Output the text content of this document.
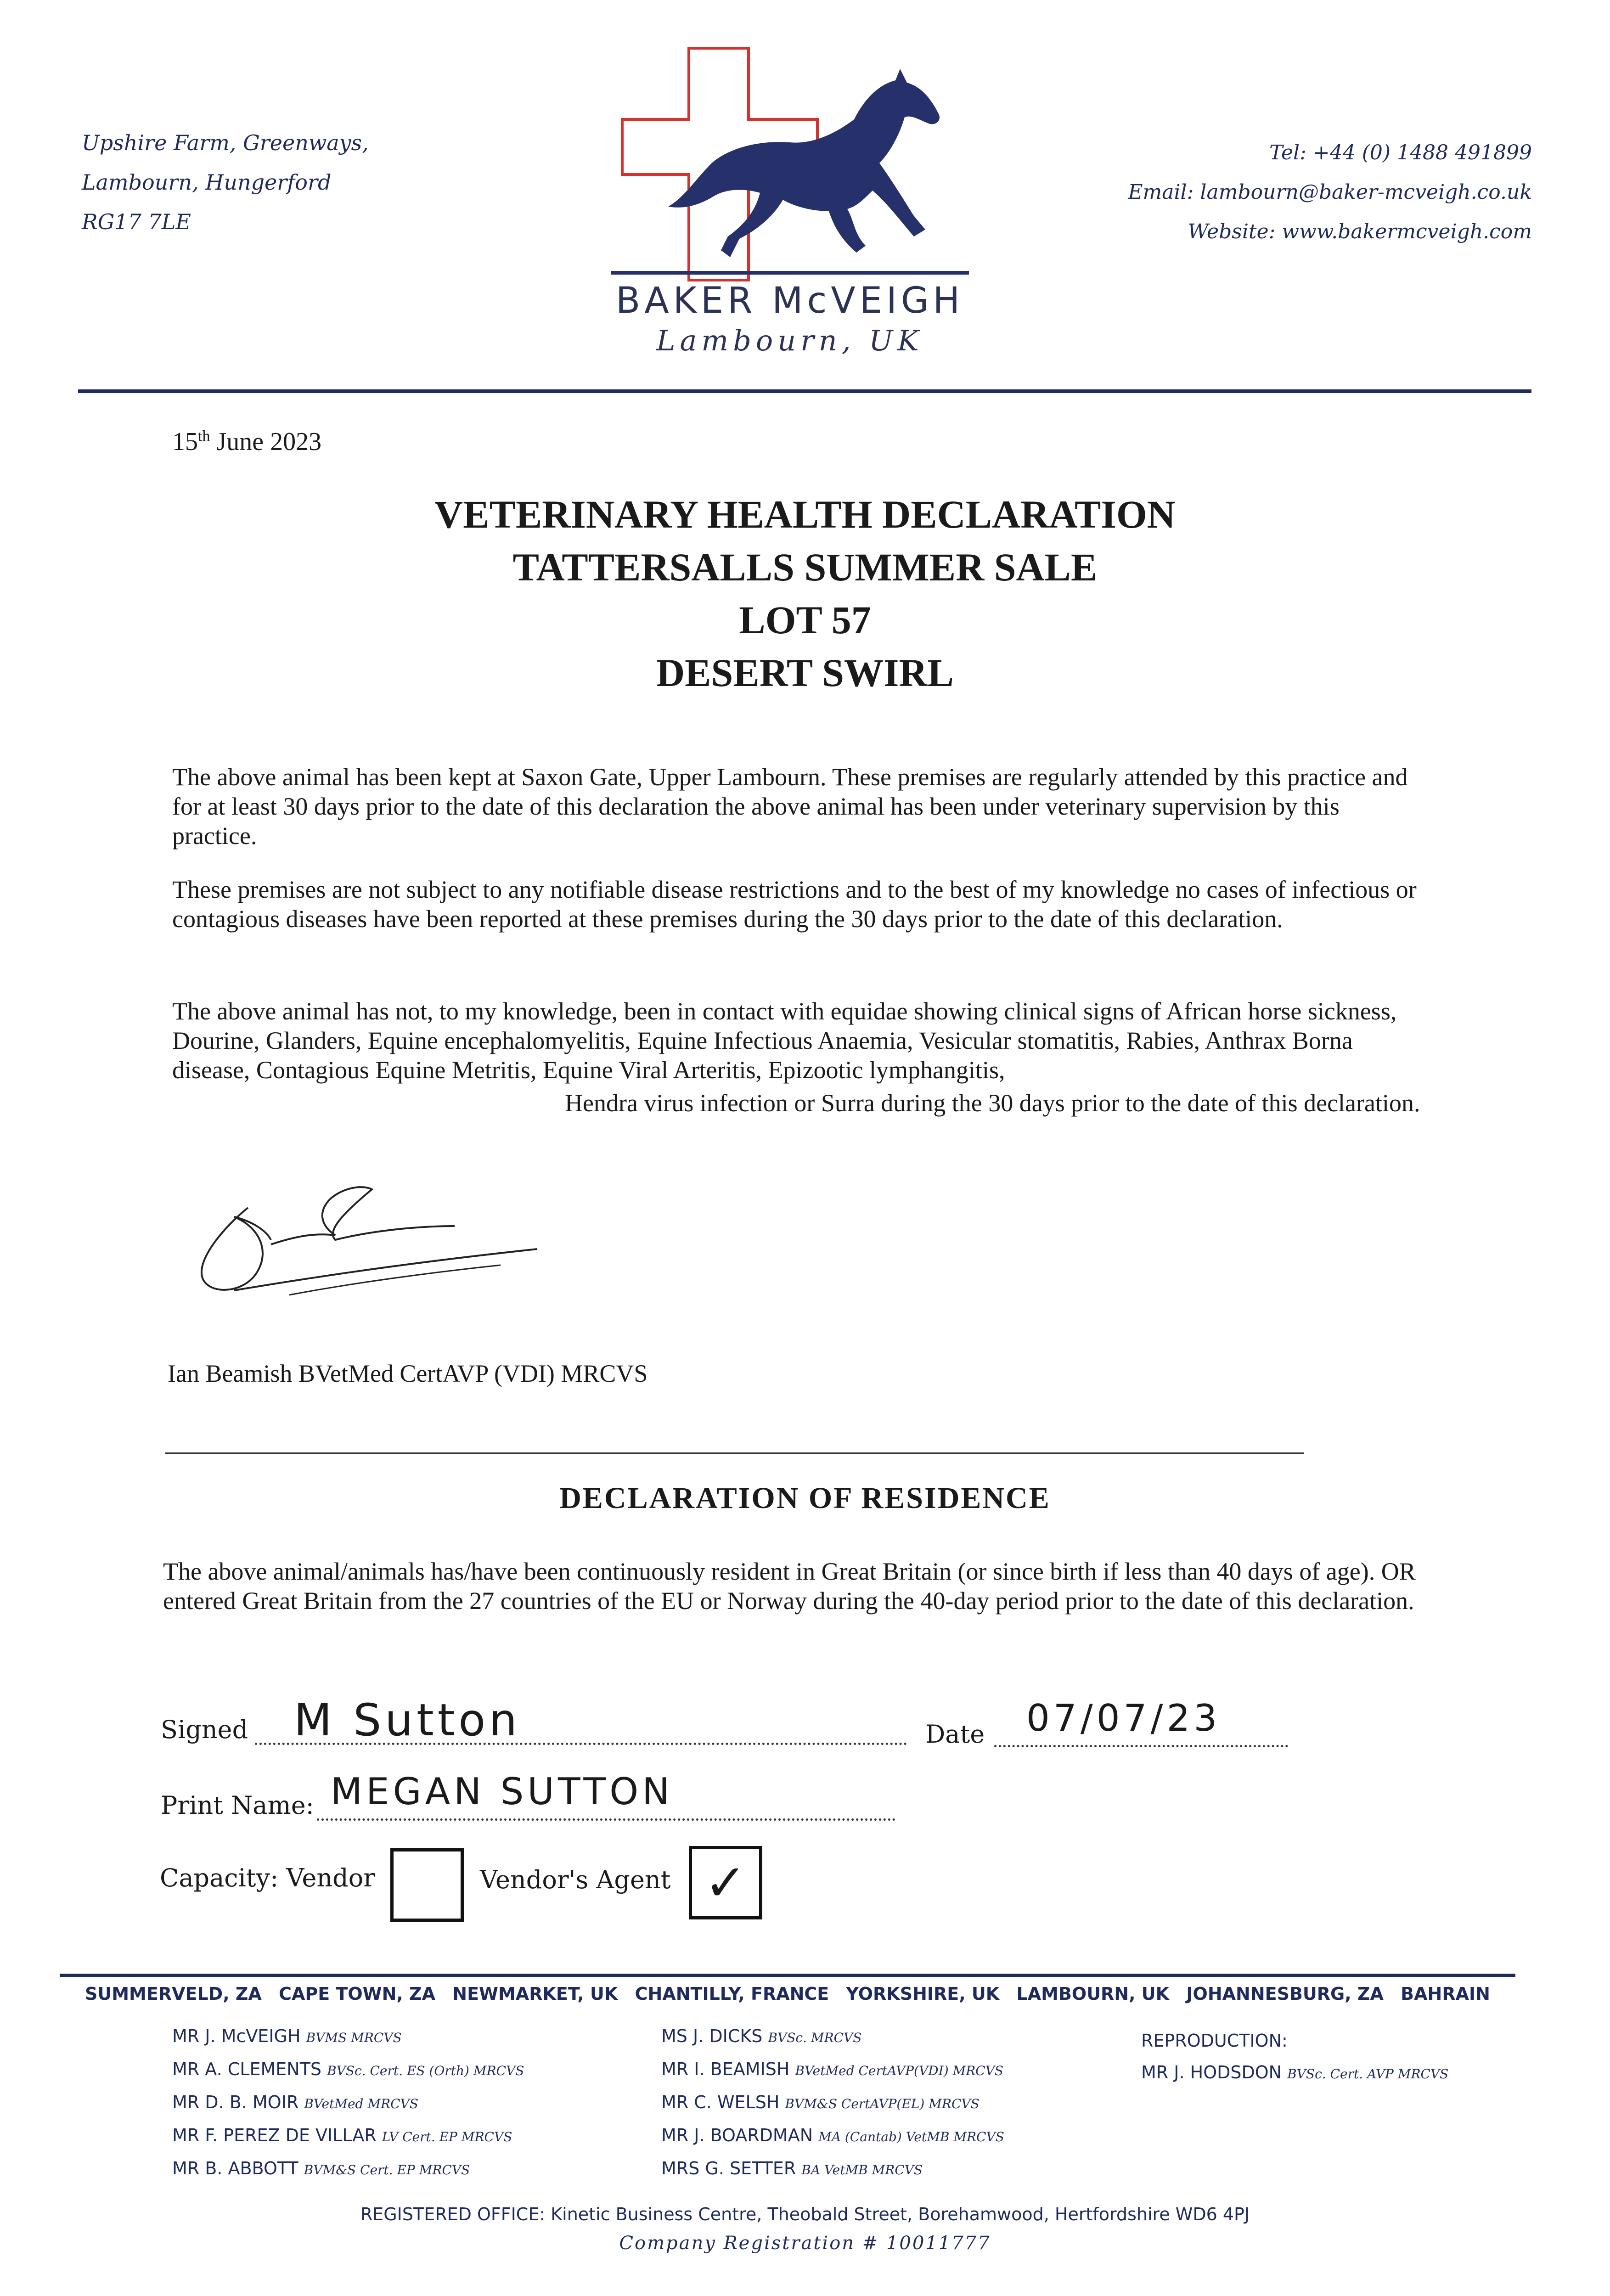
Upshire Farm, Greenways,
Lambourn, Hungerford
RG17 7LE
BAKER McVEIGH
Lambourn, UK
Tel: +44 (0) 1488 491899
Email: lambourn@baker-mcveigh.co.uk
Website: www.bakermcveigh.com
15th June 2023
VETERINARY HEALTH DECLARATION
TATTERSALLS SUMMER SALE
LOT 57
DESERT SWIRL
The above animal has been kept at Saxon Gate, Upper Lambourn. These premises are regularly attended by this practice and for at least 30 days prior to the date of this declaration the above animal has been under veterinary supervision by this practice.
These premises are not subject to any notifiable disease restrictions and to the best of my knowledge no cases of infectious or contagious diseases have been reported at these premises during the 30 days prior to the date of this declaration.
The above animal has not, to my knowledge, been in contact with equidae showing clinical signs of African horse sickness, Dourine, Glanders, Equine encephalomyelitis, Equine Infectious Anaemia, Vesicular stomatitis, Rabies, Anthrax Borna disease, Contagious Equine Metritis, Equine Viral Arteritis, Epizootic lymphangitis,
Hendra virus infection or Surra during the 30 days prior to the date of this declaration.
Ian Beamish BVetMed CertAVP (VDI) MRCVS
DECLARATION OF RESIDENCE
The above animal/animals has/have been continuously resident in Great Britain (or since birth if less than 40 days of age). OR entered Great Britain from the 27 countries of the EU or Norway during the 40-day period prior to the date of this declaration.
Signed M Sutton	Date 07/07/23
Print Name: MEGAN SUTTON
Capacity: Vendor	Vendor's Agent ✓
SUMMERVELD, ZA CAPE TOWN, ZA NEWMARKET, UK CHANTILLY, FRANCE YORKSHIRE, UK LAMBOURN, UK JOHANNESBURG, ZA BAHRAIN
MR J. McVEIGH BVMS MRCVS
MR A. CLEMENTS BVSc. Cert. ES (Orth) MRCVS
MR D. B. MOIR BVetMed MRCVS
MR F. PEREZ DE VILLAR LV Cert. EP MRCVS
MR B. ABBOTT BVM&S Cert. EP MRCVS
MS J. DICKS BVSc. MRCVS
MR I. BEAMISH BVetMed CertAVP(VDI) MRCVS
MR C. WELSH BVM&S CertAVP(EL) MRCVS
MR J. BOARDMAN MA (Cantab) VetMB MRCVS
MRS G. SETTER BA VetMB MRCVS
REPRODUCTION:
MR J. HODSDON BVSc. Cert. AVP MRCVS
REGISTERED OFFICE: Kinetic Business Centre, Theobald Street, Borehamwood, Hertfordshire WD6 4PJ
Company Registration # 10011777
